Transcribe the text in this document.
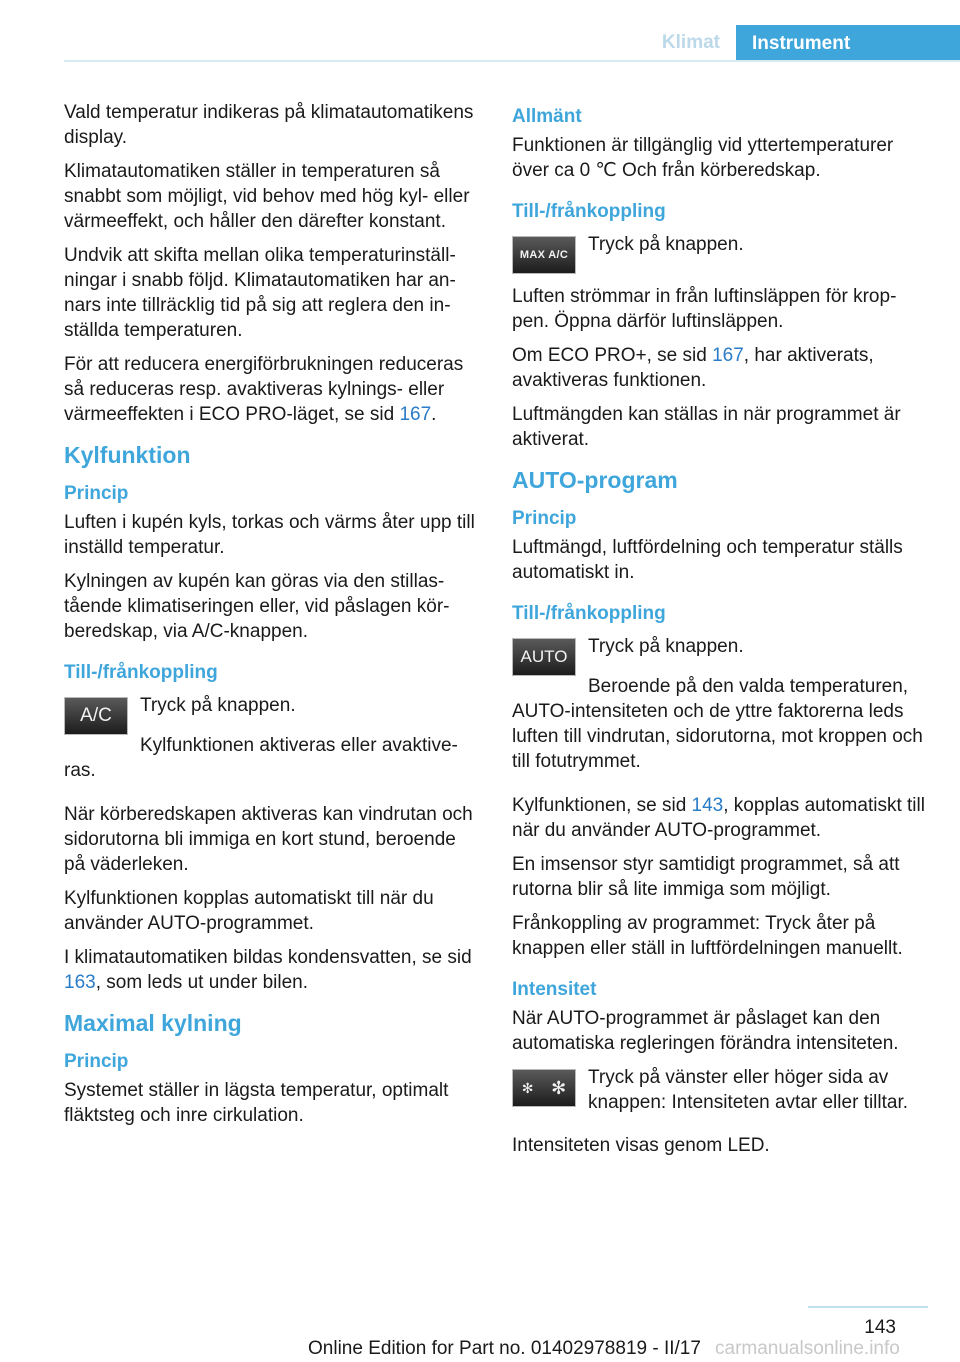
Klimat	Instrument

Vald temperatur indikeras på klimatautomatikens display.

Klimatautomatiken ställer in temperaturen så snabbt som möjligt, vid behov med hög kyl- eller värmeeffekt, och håller den därefter konstant.

Undvik att skifta mellan olika temperaturinställningar i snabb följd. Klimatautomatiken har annars inte tillräcklig tid på sig att reglera den inställda temperaturen.

För att reducera energiförbrukningen reduceras så reduceras resp. avaktiveras kylnings- eller värmeeffekten i ECO PRO-läget, se sid 167.

Kylfunktion
Princip

Luften i kupén kyls, torkas och värms åter upp till inställd temperatur.

Kylningen av kupén kan göras via den stillastående klimatiseringen eller, vid påslagen körberedskap, via A/C-knappen.

Till-/frånkoppling
A/C	Tryck på knappen.

Kylfunktionen aktiveras eller avaktiveras.

När körberedskapen aktiveras kan vindrutan och sidorutorna bli immiga en kort stund, beroende på väderleken.

Kylfunktionen kopplas automatiskt till när du använder AUTO-programmet.

I klimatautomatiken bildas kondensvatten, se sid 163, som leds ut under bilen.

Maximal kylning
Princip

Systemet ställer in lägsta temperatur, optimalt fläktsteg och inre cirkulation.

Allmänt

Funktionen är tillgänglig vid yttertemperaturer över ca 0 ℃ Och från körberedskap.

Till-/frånkoppling
MAX A/C	Tryck på knappen.

Luften strömmar in från luftinsläppen för kroppen. Öppna därför luftinsläppen.

Om ECO PRO+, se sid 167, har aktiverats, avaktiveras funktionen.

Luftmängden kan ställas in när programmet är aktiverat.

AUTO-program
Princip

Luftmängd, luftfördelning och temperatur ställs automatiskt in.

Till-/frånkoppling
AUTO	Tryck på knappen.

Beroende på den valda temperaturen, AUTO-intensiteten och de yttre faktorerna leds luften till vindrutan, sidorutorna, mot kroppen och till fotutrymmet.

Kylfunktionen, se sid 143, kopplas automatiskt till när du använder AUTO-programmet.

En imsensor styr samtidigt programmet, så att rutorna blir så lite immiga som möjligt.

Frånkoppling av programmet: Tryck åter på knappen eller ställ in luftfördelningen manuellt.

Intensitet

När AUTO-programmet är påslaget kan den automatiska regleringen förändra intensiteten.

✻ ✻ Tryck på vänster eller höger sida av knappen: Intensiteten avtar eller tilltar.

Intensiteten visas genom LED.

143
Online Edition for Part no. 01402978819 - II/17 carmanualsonline.info
